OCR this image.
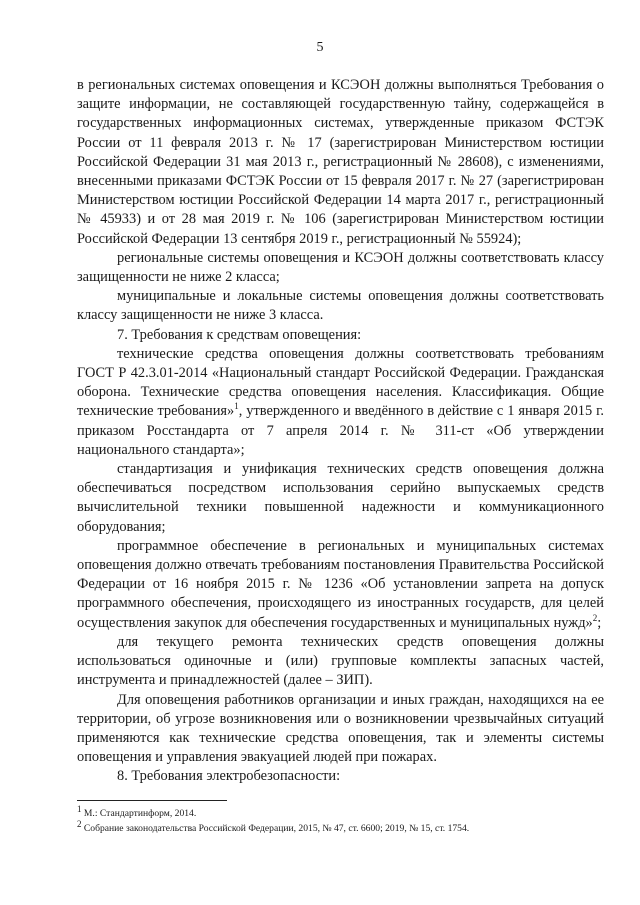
5

в региональных системах оповещения и КСЭОН должны выполняться Требования о защите информации, не составляющей государственную тайну, содержащейся в государственных информационных системах, утвержденные приказом ФСТЭК России от 11 февраля 2013 г. № 17 (зарегистрирован Министерством юстиции Российской Федерации 31 мая 2013 г., регистрационный № 28608), с изменениями, внесенными приказами ФСТЭК России от 15 февраля 2017 г. № 27 (зарегистрирован Министерством юстиции Российской Федерации 14 марта 2017 г., регистрационный № 45933) и от 28 мая 2019 г. № 106 (зарегистрирован Министерством юстиции Российской Федерации 13 сентября 2019 г., регистрационный № 55924);

региональные системы оповещения и КСЭОН должны соответствовать классу защищенности не ниже 2 класса;

муниципальные и локальные системы оповещения должны соответствовать классу защищенности не ниже 3 класса.

7. Требования к средствам оповещения:

технические средства оповещения должны соответствовать требованиям ГОСТ Р 42.3.01-2014 «Национальный стандарт Российской Федерации. Гражданская оборона. Технические средства оповещения населения. Классификация. Общие технические требования»$^1$, утвержденного и введённого в действие с 1 января 2015 г. приказом Росстандарта от 7 апреля 2014 г. № 311-ст «Об утверждении национального стандарта»;

стандартизация и унификация технических средств оповещения должна обеспечиваться посредством использования серийно выпускаемых средств вычислительной техники повышенной надежности и коммуникационного оборудования;

программное обеспечение в региональных и муниципальных системах оповещения должно отвечать требованиям постановления Правительства Российской Федерации от 16 ноября 2015 г. № 1236 «Об установлении запрета на допуск программного обеспечения, происходящего из иностранных государств, для целей осуществления закупок для обеспечения государственных и муниципальных нужд»$^2$;

для текущего ремонта технических средств оповещения должны использоваться одиночные и (или) групповые комплекты запасных частей, инструмента и принадлежностей (далее – ЗИП).

Для оповещения работников организации и иных граждан, находящихся на ее территории, об угрозе возникновения или о возникновении чрезвычайных ситуаций применяются как технические средства оповещения, так и элементы системы оповещения и управления эвакуацией людей при пожарах.

8. Требования электробезопасности:

$^1$ М.: Стандартинформ, 2014.
$^2$ Собрание законодательства Российской Федерации, 2015, № 47, ст. 6600; 2019, № 15, ст. 1754.
